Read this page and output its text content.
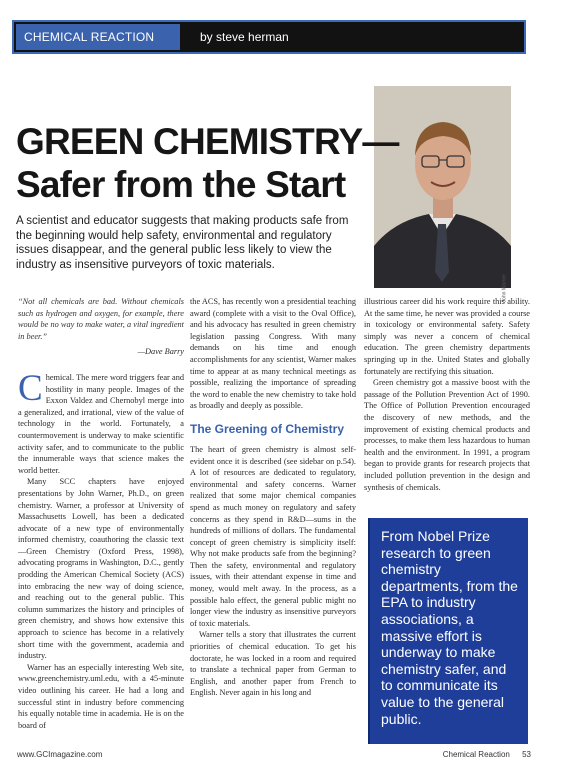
CHEMICAL REACTION	by steve herman
John Warner
GREEN CHEMISTRY—
Safer from the Start

A scientist and educator suggests that making products safe from the beginning would help safety, environmental and regulatory issues disappear, and the general public less likely to view the industry as insensitive purveyors of toxic materials.

“Not all chemicals are bad. Without chemicals such as hydrogen and oxygen, for example, there would be no way to make water, a vital ingredient in beer.”

—Dave Barry

Chemical. The mere word triggers fear and hostility in many people. Images of the Exxon Valdez and Chernobyl merge into a generalized, and irrational, view of the value of technology in the world. Fortunately, a countermovement is underway to make scientific activity safer, and to communicate to the public the innumerable ways that science makes the world better.

Many SCC chapters have enjoyed presentations by John Warner, Ph.D., on green chemistry. Warner, a professor at University of Massachusetts Lowell, has been a dedicated advocate of a new type of environmentally informed chemistry, coauthoring the classic text—Green Chemistry (Oxford Press, 1998), advocating programs in Washington, D.C., gently prodding the American Chemical Society (ACS) into embracing the new way of doing science, and reaching out to the general public. This column summarizes the history and principles of green chemistry, and shows how extensive this approach to science has become in a relatively short time with the government, academia and industry.

Warner has an especially interesting Web site, www.greenchemistry.uml.edu, with a 45-minute video outlining his career. He had a long and successful stint in industry before commencing his equally notable time in academia. He is on the board of

the ACS, has recently won a presidential teaching award (complete with a visit to the Oval Office), and his advocacy has resulted in green chemistry legislation passing Congress. With many demands on his time and enough accomplishments for any scientist, Warner makes time to appear at as many technical meetings as possible, realizing the importance of spreading the word to enable the new chemistry to take hold as broadly and deeply as possible.

The Greening of Chemistry

The heart of green chemistry is almost self-evident once it is described (see sidebar on p.54). A lot of resources are dedicated to regulatory, environmental and safety concerns. Warner realized that some major chemical companies spend as much money on regulatory and safety concerns as they spend in R&D—sums in the hundreds of millions of dollars. The fundamental concept of green chemistry is simplicity itself: Why not make products safe from the beginning? Then the safety, environmental and regulatory issues, with their attendant expense in time and money, would melt away. In the process, as a possible halo effect, the general public might no longer view the industry as insensitive purveyors of toxic materials.

Warner tells a story that illustrates the current priorities of chemical education. To get his doctorate, he was locked in a room and required to translate a technical paper from German to English, and another paper from French to English. Never again in his long and

illustrious career did his work require this ability. At the same time, he never was provided a course in toxicology or environmental safety. Safety simply was never a concern of chemical education. The green chemistry departments springing up in the. United States and globally fortunately are rectifying this situation.

Green chemistry got a massive boost with the passage of the Pollution Prevention Act of 1990. The Office of Pollution Prevention encouraged the discovery of new methods, and the improvement of existing chemical products and processes, to make them less hazardous to human health and the environment. In 1991, a program began to provide grants for research projects that included pollution prevention in the design and synthesis of chemicals.

From Nobel Prize research to green chemistry departments, from the EPA to industry associations, a massive effort is underway to make chemistry safer, and to communicate its value to the general public.
www.GCImagazine.com	Chemical Reaction 53
